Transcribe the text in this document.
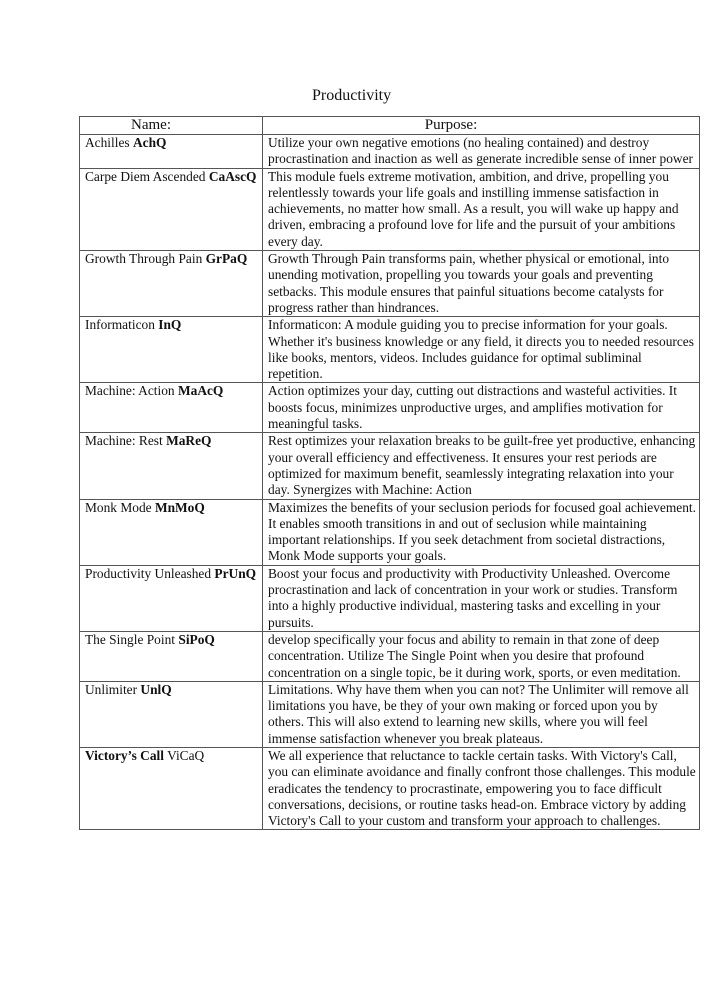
Productivity
Name:	Purpose:
Achilles AchQ	Utilize your own negative emotions (no healing contained) and destroy procrastination and inaction as well as generate incredible sense of inner power
Carpe Diem Ascended CaAscQ	This module fuels extreme motivation, ambition, and drive, propelling you relentlessly towards your life goals and instilling immense satisfaction in achievements, no matter how small. As a result, you will wake up happy and driven, embracing a profound love for life and the pursuit of your ambitions every day.
Growth Through Pain GrPaQ	Growth Through Pain transforms pain, whether physical or emotional, into unending motivation, propelling you towards your goals and preventing setbacks. This module ensures that painful situations become catalysts for progress rather than hindrances.
Informaticon InQ	Informaticon: A module guiding you to precise information for your goals. Whether it's business knowledge or any field, it directs you to needed resources like books, mentors, videos. Includes guidance for optimal subliminal repetition.
Machine: Action MaAcQ	Action optimizes your day, cutting out distractions and wasteful activities. It boosts focus, minimizes unproductive urges, and amplifies motivation for meaningful tasks.
Machine: Rest MaReQ	Rest optimizes your relaxation breaks to be guilt-free yet productive, enhancing your overall efficiency and effectiveness. It ensures your rest periods are optimized for maximum benefit, seamlessly integrating relaxation into your day. Synergizes with Machine: Action
Monk Mode MnMoQ	Maximizes the benefits of your seclusion periods for focused goal achievement. It enables smooth transitions in and out of seclusion while maintaining important relationships. If you seek detachment from societal distractions, Monk Mode supports your goals.
Productivity Unleashed PrUnQ	Boost your focus and productivity with Productivity Unleashed. Overcome procrastination and lack of concentration in your work or studies. Transform into a highly productive individual, mastering tasks and excelling in your pursuits.
The Single Point SiPoQ	develop specifically your focus and ability to remain in that zone of deep concentration. Utilize The Single Point when you desire that profound concentration on a single topic, be it during work, sports, or even meditation.
Unlimiter UnlQ	Limitations. Why have them when you can not? The Unlimiter will remove all limitations you have, be they of your own making or forced upon you by others. This will also extend to learning new skills, where you will feel immense satisfaction whenever you break plateaus.
Victory’s Call ViCaQ	We all experience that reluctance to tackle certain tasks. With Victory's Call, you can eliminate avoidance and finally confront those challenges. This module eradicates the tendency to procrastinate, empowering you to face difficult conversations, decisions, or routine tasks head-on. Embrace victory by adding Victory's Call to your custom and transform your approach to challenges.
